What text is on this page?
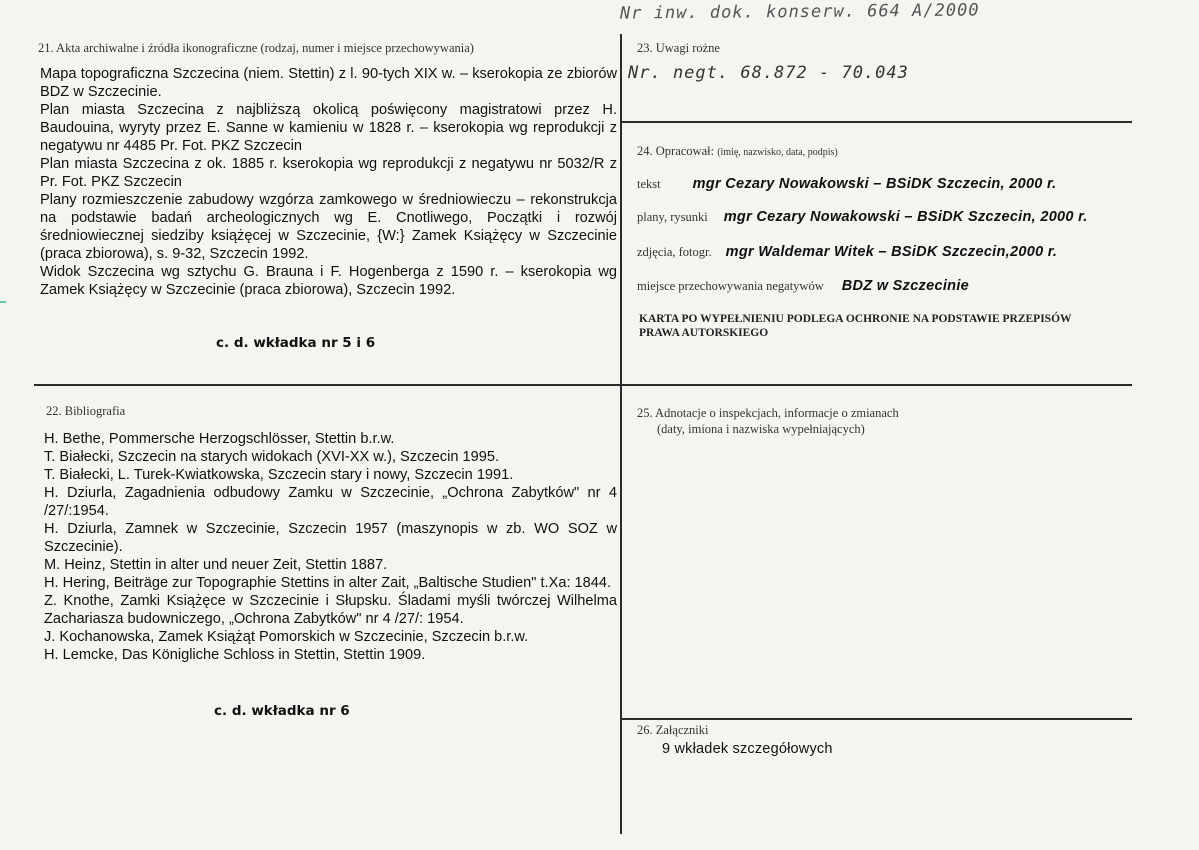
Nr inw. dok. konserw. 664 A/2000
21. Akta archiwalne i źródła ikonograficzne (rodzaj, numer i miejsce przechowywania)

Mapa topograficzna Szczecina (niem. Stettin) z l. 90-tych XIX w. – kserokopia ze zbiorów BDZ w Szczecinie.

Plan miasta Szczecina z najbliższą okolicą poświęcony magistratowi przez H. Baudouina, wyryty przez E. Sanne w kamieniu w 1828 r. – kserokopia wg reprodukcji z negatywu nr 4485 Pr. Fot. PKZ Szczecin

Plan miasta Szczecina z ok. 1885 r. kserokopia wg reprodukcji z negatywu nr 5032/R z Pr. Fot. PKZ Szczecin

Plany rozmieszczenie zabudowy wzgórza zamkowego w średniowieczu – rekonstrukcja na podstawie badań archeologicznych wg E. Cnotliwego, Początki i rozwój średniowiecznej siedziby książęcej w Szczecinie, {W:} Zamek Książęcy w Szczecinie (praca zbiorowa), s. 9-32, Szczecin 1992.

Widok Szczecina wg sztychu G. Brauna i F. Hogenberga z 1590 r. – kserokopia wg Zamek Książęcy w Szczecinie (praca zbiorowa), Szczecin 1992.

c. d. wkładka nr 5 i 6
22. Bibliografia

H. Bethe, Pommersche Herzogschlösser, Stettin b.r.w.

T. Białecki, Szczecin na starych widokach (XVI-XX w.), Szczecin 1995.

T. Białecki, L. Turek-Kwiatkowska, Szczecin stary i nowy, Szczecin 1991.

H. Dziurla, Zagadnienia odbudowy Zamku w Szczecinie, „Ochrona Zabytków" nr 4 /27/:1954.

H. Dziurla, Zamnek w Szczecinie, Szczecin 1957 (maszynopis w zb. WO SOZ w Szczecinie).

M. Heinz, Stettin in alter und neuer Zeit, Stettin 1887.

H. Hering, Beiträge zur Topographie Stettins in alter Zait, „Baltische Studien" t.Xa: 1844.

Z. Knothe, Zamki Książęce w Szczecinie i Słupsku. Śladami myśli twórczej Wilhelma Zachariasza budowniczego, „Ochrona Zabytków" nr 4 /27/: 1954.

J. Kochanowska, Zamek Książąt Pomorskich w Szczecinie, Szczecin b.r.w.

H. Lemcke, Das Königliche Schloss in Stettin, Stettin 1909.

c. d. wkładka nr 6
23. Uwagi rożne
Nr. negt. 68.872 - 70.043
24. Opracował: (imię, nazwisko, data, podpis)
tekst mgr Cezary Nowakowski – BSiDK Szczecin, 2000 r.
plany, rysunki mgr Cezary Nowakowski – BSiDK Szczecin, 2000 r.
zdjęcia, fotogr. mgr Waldemar Witek – BSiDK Szczecin,2000 r.
miejsce przechowywania negatywów BDZ w Szczecinie

KARTA PO WYPEŁNIENIU PODLEGA OCHRONIE NA PODSTAWIE PRZEPISÓW

PRAWA AUTORSKIEGO

25. Adnotacje o inspekcjach, informacje o zmianach
(daty, imiona i nazwiska wypełniających)
26. Załączniki
9 wkładek szczegółowych
